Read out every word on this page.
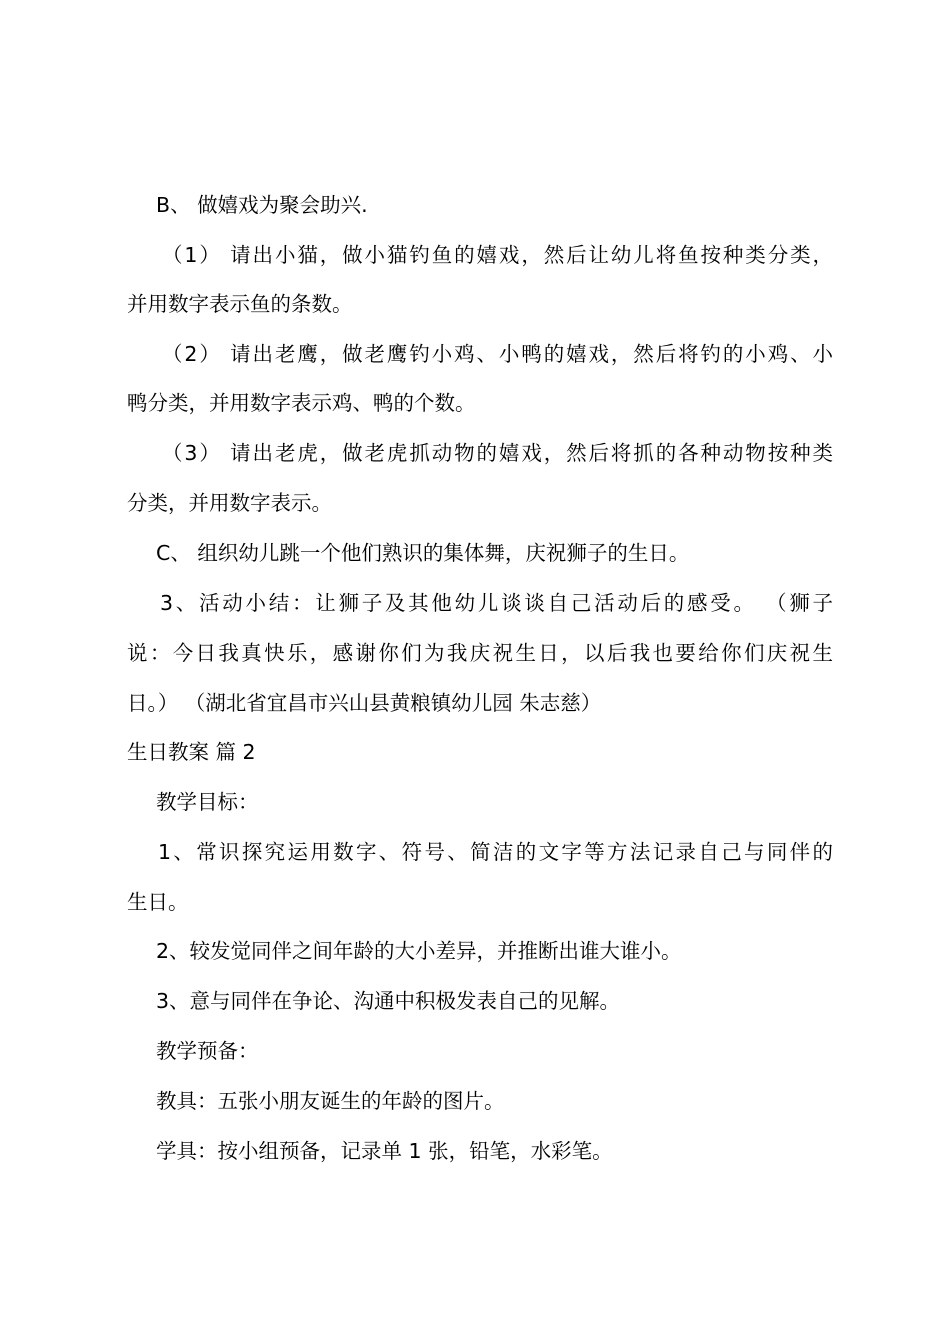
B、 做嬉戏为聚会助兴.
（1） 请出小猫，做小猫钓鱼的嬉戏，然后让幼儿将鱼按种类分类，
并用数字表示鱼的条数。
（2） 请出老鹰，做老鹰钓小鸡、小鸭的嬉戏，然后将钓的小鸡、小
鸭分类，并用数字表示鸡、鸭的个数。
（3） 请出老虎，做老虎抓动物的嬉戏，然后将抓的各种动物按种类
分类，并用数字表示。
C、 组织幼儿跳一个他们熟识的集体舞，庆祝狮子的生日。
3、活动小结：让狮子及其他幼儿谈谈自己活动后的感受。 （狮子
说：今日我真快乐，感谢你们为我庆祝生日，以后我也要给你们庆祝生
日。） （湖北省宜昌市兴山县黄粮镇幼儿园 朱志慈）
生日教案 篇 2
教学目标：
1、常识探究运用数字、符号、简洁的文字等方法记录自己与同伴的
生日。
2、较发觉同伴之间年龄的大小差异，并推断出谁大谁小。
3、意与同伴在争论、沟通中积极发表自己的见解。
教学预备：
教具：五张小朋友诞生的年龄的图片。
学具：按小组预备，记录单 1 张，铅笔，水彩笔。
